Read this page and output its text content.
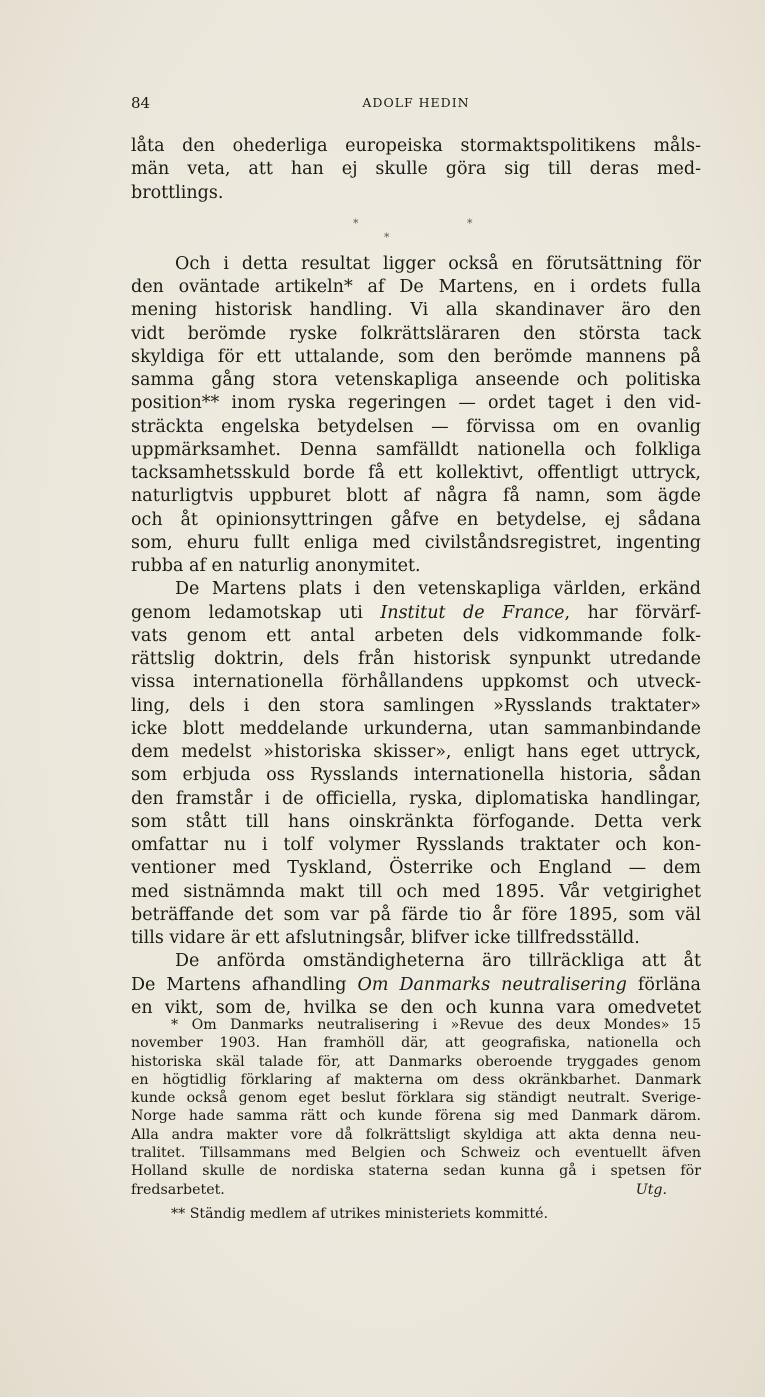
84	ADOLF HEDIN
låta den ohederliga europeiska stormaktspolitikens måls-
män veta, att han ej skulle göra sig till deras med-
brottlings.
*
*
*
Och i detta resultat ligger också en förutsättning för
den oväntade artikeln* af De Martens, en i ordets fulla
mening historisk handling. Vi alla skandinaver äro den
vidt berömde ryske folkrättsläraren den största tack
skyldiga för ett uttalande, som den berömde mannens på
samma gång stora vetenskapliga anseende och politiska
position** inom ryska regeringen — ordet taget i den vid-
sträckta engelska betydelsen — förvissa om en ovanlig
uppmärksamhet. Denna samfälldt nationella och folkliga
tacksamhetsskuld borde få ett kollektivt, offentligt uttryck,
naturligtvis uppburet blott af några få namn, som ägde
och åt opinionsyttringen gåfve en betydelse, ej sådana
som, ehuru fullt enliga med civilståndsregistret, ingenting
rubba af en naturlig anonymitet.
De Martens plats i den vetenskapliga världen, erkänd
genom ledamotskap uti Institut de France, har förvärf-
vats genom ett antal arbeten dels vidkommande folk-
rättslig doktrin, dels från historisk synpunkt utredande
vissa internationella förhållandens uppkomst och utveck-
ling, dels i den stora samlingen »Rysslands traktater»
icke blott meddelande urkunderna, utan sammanbindande
dem medelst »historiska skisser», enligt hans eget uttryck,
som erbjuda oss Rysslands internationella historia, sådan
den framstår i de officiella, ryska, diplomatiska handlingar,
som stått till hans oinskränkta förfogande. Detta verk
omfattar nu i tolf volymer Rysslands traktater och kon-
ventioner med Tyskland, Österrike och England — dem
med sistnämnda makt till och med 1895. Vår vetgirighet
beträffande det som var på färde tio år före 1895, som väl
tills vidare är ett afslutningsår, blifver icke tillfredsställd.
De anförda omständigheterna äro tillräckliga att åt
De Martens afhandling Om Danmarks neutralisering förläna
en vikt, som de, hvilka se den och kunna vara omedvetet
* Om Danmarks neutralisering i »Revue des deux Mondes» 15
november 1903. Han framhöll där, att geografiska, nationella och
historiska skäl talade för, att Danmarks oberoende tryggades genom
en högtidlig förklaring af makterna om dess okränkbarhet. Danmark
kunde också genom eget beslut förklara sig ständigt neutralt. Sverige-
Norge hade samma rätt och kunde förena sig med Danmark därom.
Alla andra makter vore då folkrättsligt skyldiga att akta denna neu-
tralitet. Tillsammans med Belgien och Schweiz och eventuellt äfven
Holland skulle de nordiska staterna sedan kunna gå i spetsen för
fredsarbetet.	Utg.
** Ständig medlem af utrikes ministeriets kommitté.
